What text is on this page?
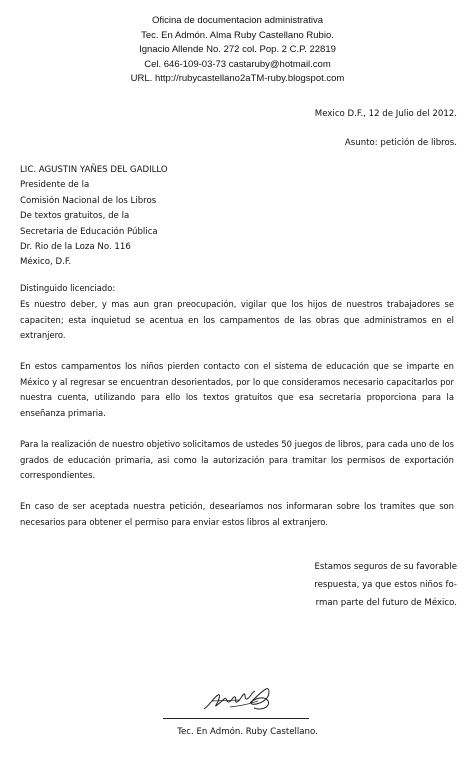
Oficina de documentacion administrativa
Tec. En Admón. Alma Ruby Castellano Rubio.
Ignacio Allende No. 272 col. Pop. 2 C.P. 22819
Cel. 646-109-03-73 castaruby@hotmail.com
URL. http://rubycastellano2aTM-ruby.blogspot.com
Mexico D.F., 12 de Julio del 2012.
Asunto: petición de libros.
LIC. AGUSTIN YAÑES DEL GADILLO
Presidente de la
Comisión Nacional de los Libros
De textos gratuitos, de la
Secretaria de Educación Pública
Dr. Rio de la Loza No. 116
México, D.F.
Distinguido licenciado:
Es nuestro deber, y mas aun gran preocupación, vigilar que los hijos de nuestros trabajadores se capaciten; esta inquietud se acentua en los campamentos de las obras que administramos en el extranjero.
En estos campamentos los niños pierden contacto con el sistema de educación que se imparte en México y al regresar se encuentran desorientados, por lo que consideramos necesario capacitarlos por nuestra cuenta, utilizando para ello los textos gratuitos que esa secretaria proporciona para la enseñanza primaria.
Para la realización de nuestro objetivo solicitamos de ustedes 50 juegos de libros, para cada uno de los grados de educación primaria, asi como la autorización para tramitar los permisos de exportación correspondientes.
En caso de ser aceptada nuestra petición, desearíamos nos informaran sobre los tramites que son necesarios para obtener el permiso para enviar estos libros al extranjero.
Estamos seguros de su favorable
respuesta, ya que estos niños fo-
rman parte del futuro de México.
Tec. En Admón. Ruby Castellano.
